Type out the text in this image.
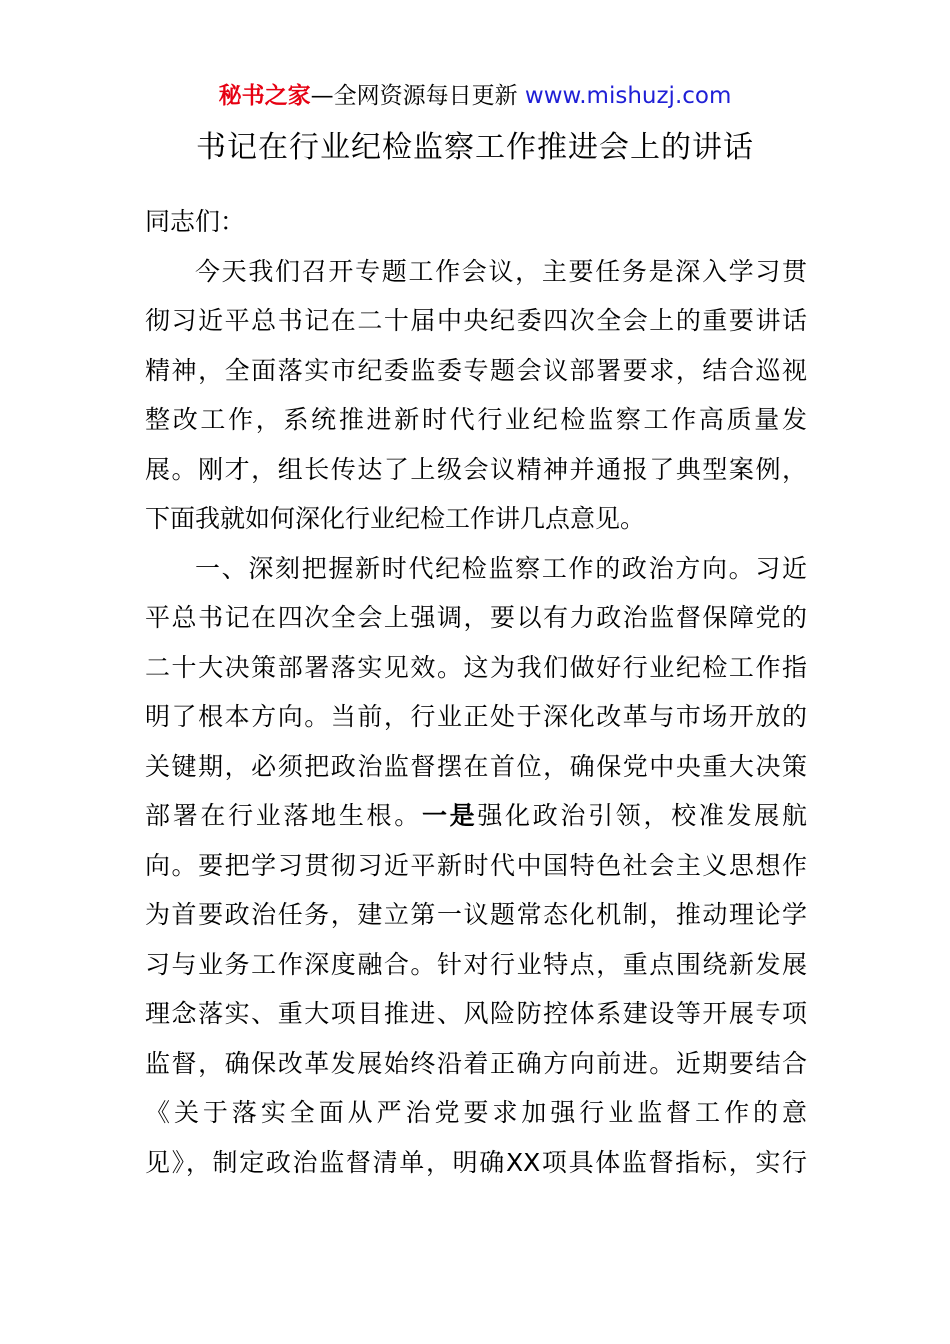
秘书之家—全网资源每日更新 www.mishuzj.com
书记在行业纪检监察工作推进会上的讲话
同志们：
今天我们召开专题工作会议，主要任务是深入学习贯
彻习近平总书记在二十届中央纪委四次全会上的重要讲话
精神，全面落实市纪委监委专题会议部署要求，结合巡视
整改工作，系统推进新时代行业纪检监察工作高质量发
展。刚才，组长传达了上级会议精神并通报了典型案例，
下面我就如何深化行业纪检工作讲几点意见。
一、深刻把握新时代纪检监察工作的政治方向。习近
平总书记在四次全会上强调，要以有力政治监督保障党的
二十大决策部署落实见效。这为我们做好行业纪检工作指
明了根本方向。当前，行业正处于深化改革与市场开放的
关键期，必须把政治监督摆在首位，确保党中央重大决策
部署在行业落地生根。一是强化政治引领，校准发展航
向。要把学习贯彻习近平新时代中国特色社会主义思想作
为首要政治任务，建立第一议题常态化机制，推动理论学
习与业务工作深度融合。针对行业特点，重点围绕新发展
理念落实、重大项目推进、风险防控体系建设等开展专项
监督，确保改革发展始终沿着正确方向前进。近期要结合
《关于落实全面从严治党要求加强行业监督工作的意
见》，制定政治监督清单，明确XX项具体监督指标，实行
